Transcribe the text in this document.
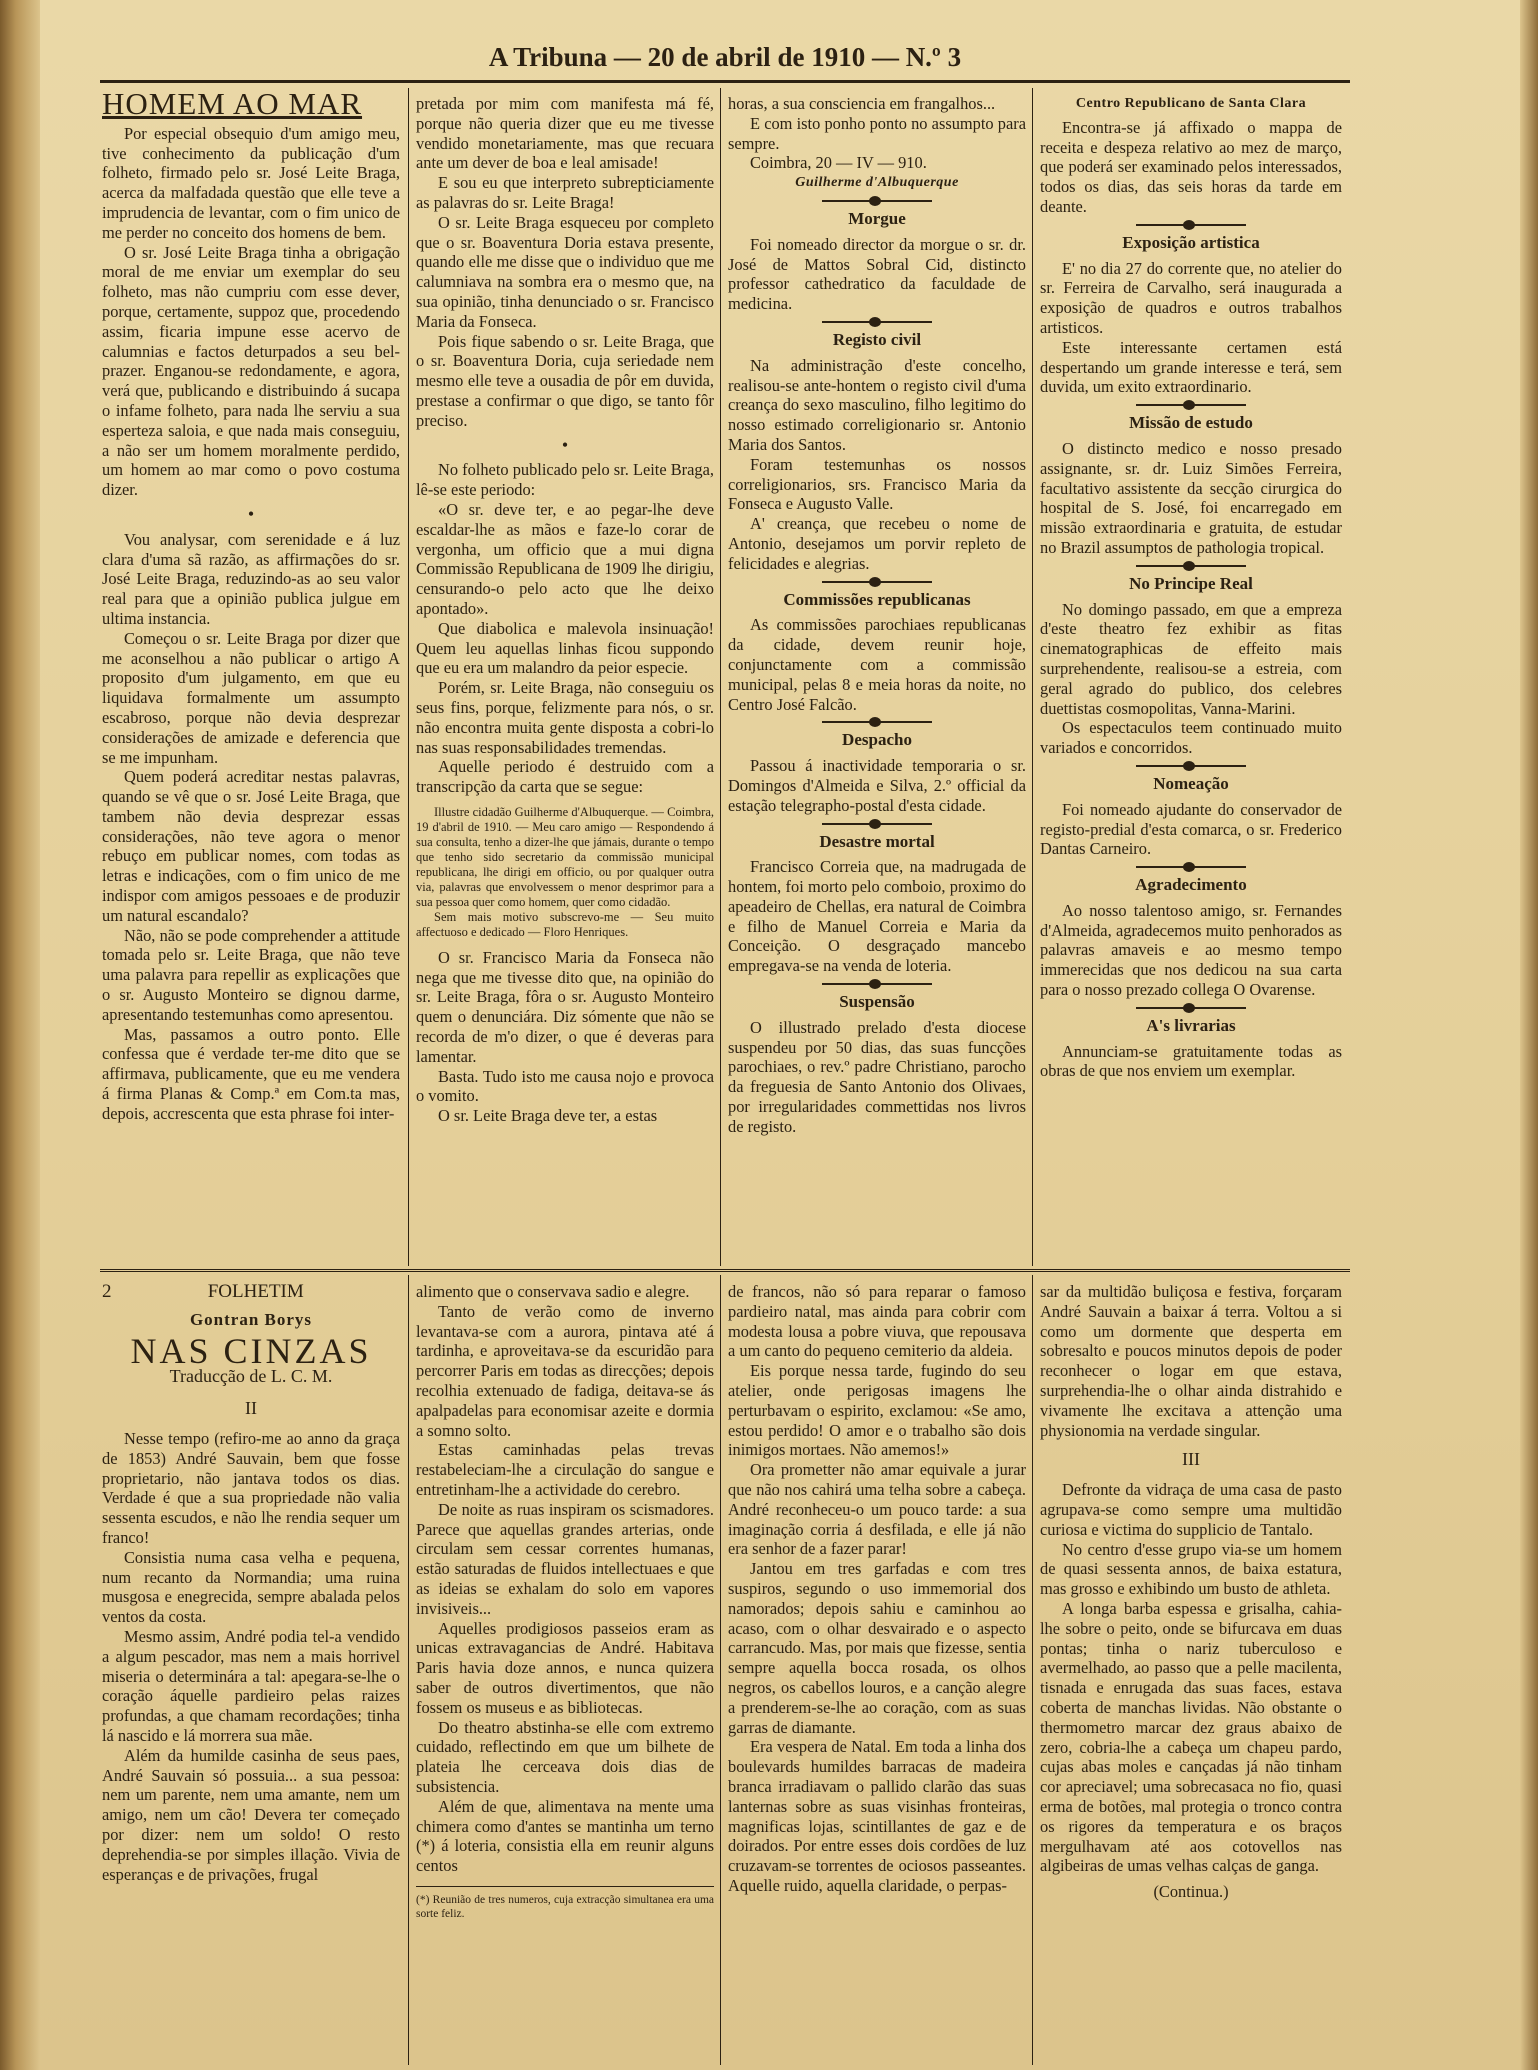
A Tribuna — 20 de abril de 1910 — N.º 3
HOMEM AO MAR

Por especial obsequio d'um amigo meu, tive conhecimento da publicação d'um folheto, firmado pelo sr. José Leite Braga, acerca da malfadada questão que elle teve a imprudencia de levantar, com o fim unico de me perder no conceito dos homens de bem.

O sr. José Leite Braga tinha a obrigação moral de me enviar um exemplar do seu folheto, mas não cumpriu com esse dever, porque, certamente, suppoz que, procedendo assim, ficaria impune esse acervo de calumnias e factos deturpados a seu bel-prazer. Enganou-se redondamente, e agora, verá que, publicando e distribuindo á sucapa o infame folheto, para nada lhe serviu a sua esperteza saloia, e que nada mais conseguiu, a não ser um homem moralmente perdido, um homem ao mar como o povo costuma dizer.

•

Vou analysar, com serenidade e á luz clara d'uma sã razão, as affirmações do sr. José Leite Braga, reduzindo-as ao seu valor real para que a opinião publica julgue em ultima instancia.

Começou o sr. Leite Braga por dizer que me aconselhou a não publicar o artigo A proposito d'um julgamento, em que eu liquidava formalmente um assumpto escabroso, porque não devia desprezar considerações de amizade e deferencia que se me impunham.

Quem poderá acreditar nestas palavras, quando se vê que o sr. José Leite Braga, que tambem não devia desprezar essas considerações, não teve agora o menor rebuço em publicar nomes, com todas as letras e indicações, com o fim unico de me indispor com amigos pessoaes e de produzir um natural escandalo?

Não, não se pode comprehender a attitude tomada pelo sr. Leite Braga, que não teve uma palavra para repellir as explicações que o sr. Augusto Monteiro se dignou darme, apresentando testemunhas como apresentou.

Mas, passamos a outro ponto. Elle confessa que é verdade ter-me dito que se affirmava, publicamente, que eu me vendera á firma Planas & Comp.ª em Com.ta mas, depois, accrescenta que esta phrase foi inter-

pretada por mim com manifesta má fé, porque não queria dizer que eu me tivesse vendido monetariamente, mas que recuara ante um dever de boa e leal amisade!

E sou eu que interpreto subrepticiamente as palavras do sr. Leite Braga!

O sr. Leite Braga esqueceu por completo que o sr. Boaventura Doria estava presente, quando elle me disse que o individuo que me calumniava na sombra era o mesmo que, na sua opinião, tinha denunciado o sr. Francisco Maria da Fonseca.

Pois fique sabendo o sr. Leite Braga, que o sr. Boaventura Doria, cuja seriedade nem mesmo elle teve a ousadia de pôr em duvida, prestase a confirmar o que digo, se tanto fôr preciso.

•

No folheto publicado pelo sr. Leite Braga, lê-se este periodo:

«O sr. deve ter, e ao pegar-lhe deve escaldar-lhe as mãos e faze-lo corar de vergonha, um officio que a mui digna Commissão Republicana de 1909 lhe dirigiu, censurando-o pelo acto que lhe deixo apontado».

Que diabolica e malevola insinuação! Quem leu aquellas linhas ficou suppondo que eu era um malandro da peior especie.

Porém, sr. Leite Braga, não conseguiu os seus fins, porque, felizmente para nós, o sr. não encontra muita gente disposta a cobri-lo nas suas responsabilidades tremendas.

Aquelle periodo é destruido com a transcripção da carta que se segue:

Illustre cidadão Guilherme d'Albuquerque. — Coimbra, 19 d'abril de 1910. — Meu caro amigo — Respondendo á sua consulta, tenho a dizer-lhe que jámais, durante o tempo que tenho sido secretario da commissão municipal republicana, lhe dirigi em officio, ou por qualquer outra via, palavras que envolvessem o menor desprimor para a sua pessoa quer como homem, quer como cidadão.

Sem mais motivo subscrevo-me — Seu muito affectuoso e dedicado — Floro Henriques.

O sr. Francisco Maria da Fonseca não nega que me tivesse dito que, na opinião do sr. Leite Braga, fôra o sr. Augusto Monteiro quem o denunciára. Diz sómente que não se recorda de m'o dizer, o que é deveras para lamentar.

Basta. Tudo isto me causa nojo e provoca o vomito.

O sr. Leite Braga deve ter, a estas

horas, a sua consciencia em frangalhos...

E com isto ponho ponto no assumpto para sempre.

Coimbra, 20 — IV — 910.

Guilherme d'Albuquerque
Morgue

Foi nomeado director da morgue o sr. dr. José de Mattos Sobral Cid, distincto professor cathedratico da faculdade de medicina.

Registo civil

Na administração d'este concelho, realisou-se ante-hontem o registo civil d'uma creança do sexo masculino, filho legitimo do nosso estimado correligionario sr. Antonio Maria dos Santos.

Foram testemunhas os nossos correligionarios, srs. Francisco Maria da Fonseca e Augusto Valle.

A' creança, que recebeu o nome de Antonio, desejamos um porvir repleto de felicidades e alegrias.

Commissões republicanas

As commissões parochiaes republicanas da cidade, devem reunir hoje, conjunctamente com a commissão municipal, pelas 8 e meia horas da noite, no Centro José Falcão.

Despacho

Passou á inactividade temporaria o sr. Domingos d'Almeida e Silva, 2.º official da estação telegrapho-postal d'esta cidade.

Desastre mortal

Francisco Correia que, na madrugada de hontem, foi morto pelo comboio, proximo do apeadeiro de Chellas, era natural de Coimbra e filho de Manuel Correia e Maria da Conceição. O desgraçado mancebo empregava-se na venda de loteria.

Suspensão

O illustrado prelado d'esta diocese suspendeu por 50 dias, das suas funcções parochiaes, o rev.º padre Christiano, parocho da freguesia de Santo Antonio dos Olivaes, por irregularidades commettidas nos livros de registo.

Centro Republicano de Santa Clara

Encontra-se já affixado o mappa de receita e despeza relativo ao mez de março, que poderá ser examinado pelos interessados, todos os dias, das seis horas da tarde em deante.

Exposição artistica

E' no dia 27 do corrente que, no atelier do sr. Ferreira de Carvalho, será inaugurada a exposição de quadros e outros trabalhos artisticos.

Este interessante certamen está despertando um grande interesse e terá, sem duvida, um exito extraordinario.

Missão de estudo

O distincto medico e nosso presado assignante, sr. dr. Luiz Simões Ferreira, facultativo assistente da secção cirurgica do hospital de S. José, foi encarregado em missão extraordinaria e gratuita, de estudar no Brazil assumptos de pathologia tropical.

No Principe Real

No domingo passado, em que a empreza d'este theatro fez exhibir as fitas cinematographicas de effeito mais surprehendente, realisou-se a estreia, com geral agrado do publico, dos celebres duettistas cosmopolitas, Vanna-Marini.

Os espectaculos teem continuado muito variados e concorridos.

Nomeação

Foi nomeado ajudante do conservador de registo-predial d'esta comarca, o sr. Frederico Dantas Carneiro.

Agradecimento

Ao nosso talentoso amigo, sr. Fernandes d'Almeida, agradecemos muito penhorados as palavras amaveis e ao mesmo tempo immerecidas que nos dedicou na sua carta para o nosso prezado collega O Ovarense.

A's livrarias

Annunciam-se gratuitamente todas as obras de que nos enviem um exemplar.

2	FOLHETIM
Gontran Borys
NAS CINZAS
Traducção de L. C. M.
II

Nesse tempo (refiro-me ao anno da graça de 1853) André Sauvain, bem que fosse proprietario, não jantava todos os dias. Verdade é que a sua propriedade não valia sessenta escudos, e não lhe rendia sequer um franco!

Consistia numa casa velha e pequena, num recanto da Normandia; uma ruina musgosa e enegrecida, sempre abalada pelos ventos da costa.

Mesmo assim, André podia tel-a vendido a algum pescador, mas nem a mais horrivel miseria o determinára a tal: apegara-se-lhe o coração áquelle pardieiro pelas raizes profundas, a que chamam recordações; tinha lá nascido e lá morrera sua mãe.

Além da humilde casinha de seus paes, André Sauvain só possuia... a sua pessoa: nem um parente, nem uma amante, nem um amigo, nem um cão! Devera ter começado por dizer: nem um soldo! O resto deprehendia-se por simples illação. Vivia de esperanças e de privações, frugal

alimento que o conservava sadio e alegre.

Tanto de verão como de inverno levantava-se com a aurora, pintava até á tardinha, e aproveitava-se da escuridão para percorrer Paris em todas as direcções; depois recolhia extenuado de fadiga, deitava-se ás apalpadelas para economisar azeite e dormia a somno solto.

Estas caminhadas pelas trevas restabeleciam-lhe a circulação do sangue e entretinham-lhe a actividade do cerebro.

De noite as ruas inspiram os scismadores. Parece que aquellas grandes arterias, onde circulam sem cessar correntes humanas, estão saturadas de fluidos intellectuaes e que as ideias se exhalam do solo em vapores invisiveis...

Aquelles prodigiosos passeios eram as unicas extravagancias de André. Habitava Paris havia doze annos, e nunca quizera saber de outros divertimentos, que não fossem os museus e as bibliotecas.

Do theatro abstinha-se elle com extremo cuidado, reflectindo em que um bilhete de plateia lhe cerceava dois dias de subsistencia.

Além de que, alimentava na mente uma chimera como d'antes se mantinha um terno (*) á loteria, consistia ella em reunir alguns centos

(*) Reunião de tres numeros, cuja extracção simultanea era uma sorte feliz.

de francos, não só para reparar o famoso pardieiro natal, mas ainda para cobrir com modesta lousa a pobre viuva, que repousava a um canto do pequeno cemiterio da aldeia.

Eis porque nessa tarde, fugindo do seu atelier, onde perigosas imagens lhe perturbavam o espirito, exclamou: «Se amo, estou perdido! O amor e o trabalho são dois inimigos mortaes. Não amemos!»

Ora prometter não amar equivale a jurar que não nos cahirá uma telha sobre a cabeça. André reconheceu-o um pouco tarde: a sua imaginação corria á desfilada, e elle já não era senhor de a fazer parar!

Jantou em tres garfadas e com tres suspiros, segundo o uso immemorial dos namorados; depois sahiu e caminhou ao acaso, com o olhar desvairado e o aspecto carrancudo. Mas, por mais que fizesse, sentia sempre aquella bocca rosada, os olhos negros, os cabellos louros, e a canção alegre a prenderem-se-lhe ao coração, com as suas garras de diamante.

Era vespera de Natal. Em toda a linha dos boulevards humildes barracas de madeira branca irradiavam o pallido clarão das suas lanternas sobre as suas visinhas fronteiras, magnificas lojas, scintillantes de gaz e de doirados. Por entre esses dois cordões de luz cruzavam-se torrentes de ociosos passeantes. Aquelle ruido, aquella claridade, o perpas-

sar da multidão buliçosa e festiva, forçaram André Sauvain a baixar á terra. Voltou a si como um dormente que desperta em sobresalto e poucos minutos depois de poder reconhecer o logar em que estava, surprehendia-lhe o olhar ainda distrahido e vivamente lhe excitava a attenção uma physionomia na verdade singular.

III

Defronte da vidraça de uma casa de pasto agrupava-se como sempre uma multidão curiosa e victima do supplicio de Tantalo.

No centro d'esse grupo via-se um homem de quasi sessenta annos, de baixa estatura, mas grosso e exhibindo um busto de athleta.

A longa barba espessa e grisalha, cahia-lhe sobre o peito, onde se bifurcava em duas pontas; tinha o nariz tuberculoso e avermelhado, ao passo que a pelle macilenta, tisnada e enrugada das suas faces, estava coberta de manchas lividas. Não obstante o thermometro marcar dez graus abaixo de zero, cobria-lhe a cabeça um chapeu pardo, cujas abas moles e cançadas já não tinham cor apreciavel; uma sobrecasaca no fio, quasi erma de botões, mal protegia o tronco contra os rigores da temperatura e os braços mergulhavam até aos cotovellos nas algibeiras de umas velhas calças de ganga.

(Continua.)
